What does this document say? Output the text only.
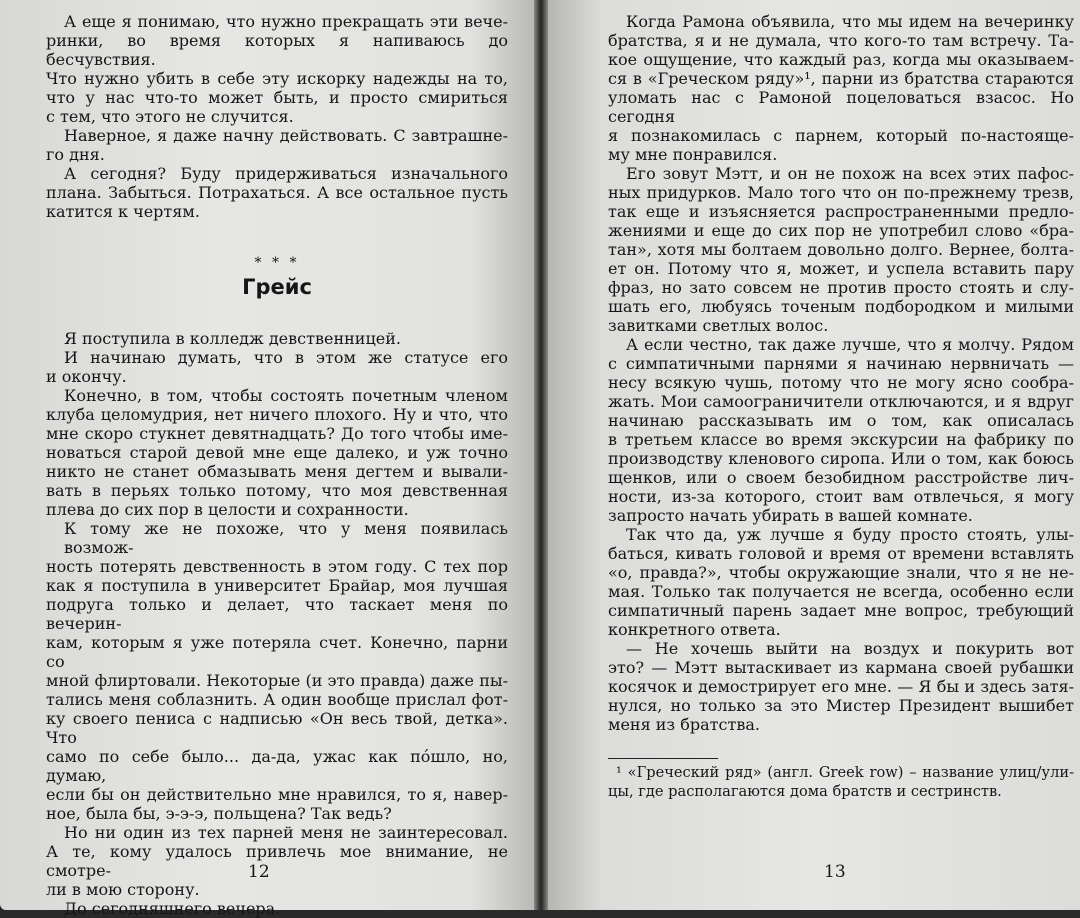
А еще я понимаю, что нужно прекращать эти вече-
ринки, во время которых я напиваюсь до бесчувствия.
Что нужно убить в себе эту искорку надежды на то,
что у нас что-то может быть, и просто смириться
с тем, что этого не случится.
Наверное, я даже начну действовать. С завтрашне-
го дня.
А сегодня? Буду придерживаться изначального
плана. Забыться. Потрахаться. А все остальное пусть
катится к чертям.
* * *
Грейс
Я поступила в колледж девственницей.
И начинаю думать, что в этом же статусе его
и окончу.
Конечно, в том, чтобы состоять почетным членом
клуба целомудрия, нет ничего плохого. Ну и что, что
мне скоро стукнет девятнадцать? До того чтобы име-
новаться старой девой мне еще далеко, и уж точно
никто не станет обмазывать меня дегтем и вывали-
вать в перьях только потому, что моя девственная
плева до сих пор в целости и сохранности.
К тому же не похоже, что у меня появилась возмож-
ность потерять девственность в этом году. С тех пор
как я поступила в университет Брайар, моя лучшая
подруга только и делает, что таскает меня по вечерин-
кам, которым я уже потеряла счет. Конечно, парни со
мной флиртовали. Некоторые (и это правда) даже пы-
тались меня соблазнить. А один вообще прислал фот-
ку своего пениса с надписью «Он весь твой, детка». Что
само по себе было... да-да, ужас как пóшло, но, думаю,
если бы он действительно мне нравился, то я, навер-
ное, была бы, э-э-э, польщена? Так ведь?
Но ни один из тех парней меня не заинтересовал.
А те, кому удалось привлечь мое внимание, не смотре-
ли в мою сторону.
До сегодняшнего вечера.
12
Когда Рамона объявила, что мы идем на вечеринку
братства, я и не думала, что кого-то там встречу. Та-
кое ощущение, что каждый раз, когда мы оказываем-
ся в «Греческом ряду»¹, парни из братства стараются
уломать нас с Рамоной поцеловаться взасос. Но сегодня
я познакомилась с парнем, который по-настояще-
му мне понравился.
Его зовут Мэтт, и он не похож на всех этих пафос-
ных придурков. Мало того что он по-прежнему трезв,
так еще и изъясняется распространенными предло-
жениями и еще до сих пор не употребил слово «бра-
тан», хотя мы болтаем довольно долго. Вернее, болта-
ет он. Потому что я, может, и успела вставить пару
фраз, но зато совсем не против просто стоять и слу-
шать его, любуясь точеным подбородком и милыми
завитками светлых волос.
А если честно, так даже лучше, что я молчу. Рядом
с симпатичными парнями я начинаю нервничать —
несу всякую чушь, потому что не могу ясно сообра-
жать. Мои самоограничители отключаются, и я вдруг
начинаю рассказывать им о том, как описалась
в третьем классе во время экскурсии на фабрику по
производству кленового сиропа. Или о том, как боюсь
щенков, или о своем безобидном расстройстве лич-
ности, из-за которого, стоит вам отвлечься, я могу
запросто начать убирать в вашей комнате.
Так что да, уж лучше я буду просто стоять, улы-
баться, кивать головой и время от времени вставлять
«о, правда?», чтобы окружающие знали, что я не не-
мая. Только так получается не всегда, особенно если
симпатичный парень задает мне вопрос, требующий
конкретного ответа.
— Не хочешь выйти на воздух и покурить вот
это? — Мэтт вытаскивает из кармана своей рубашки
косячок и демострирует его мне. — Я бы и здесь затя-
нулся, но только за это Мистер Президент вышибет
меня из братства.
¹ «Греческий ряд» (англ. Greek row) – название улиц/ули-
цы, где располагаются дома братств и сестринств.
13
